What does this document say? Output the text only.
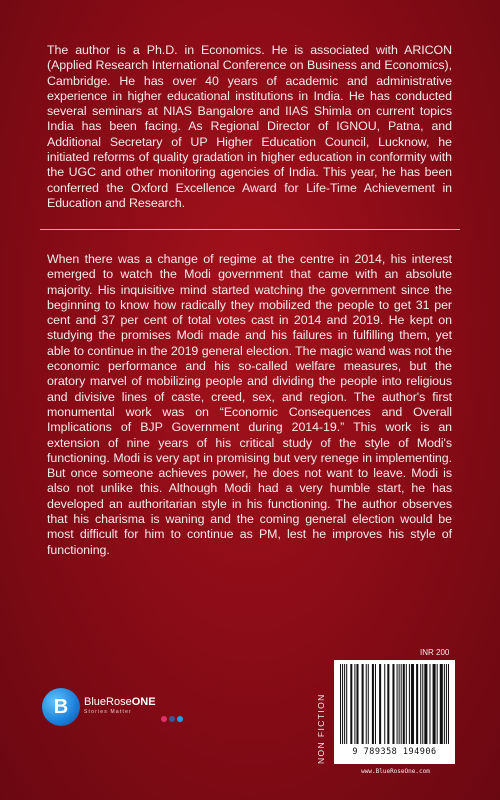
The author is a Ph.D. in Economics. He is associated with ARICON (Applied Research International Conference on Business and Economics), Cambridge. He has over 40 years of academic and administrative experience in higher educational institutions in India. He has conducted several seminars at NIAS Bangalore and IIAS Shimla on current topics India has been facing. As Regional Director of IGNOU, Patna, and Additional Secretary of UP Higher Education Council, Lucknow, he initiated reforms of quality gradation in higher education in conformity with the UGC and other monitoring agencies of India. This year, he has been conferred the Oxford Excellence Award for Life-Time Achievement in Education and Research.

When there was a change of regime at the centre in 2014, his interest emerged to watch the Modi government that came with an absolute majority. His inquisitive mind started watching the government since the beginning to know how radically they mobilized the people to get 31 per cent and 37 per cent of total votes cast in 2014 and 2019. He kept on studying the promises Modi made and his failures in fulfilling them, yet able to continue in the 2019 general election. The magic wand was not the economic performance and his so-called welfare measures, but the oratory marvel of mobilizing people and dividing the people into religious and divisive lines of caste, creed, sex, and region. The author's first monumental work was on “Economic Consequences and Overall Implications of BJP Government during 2014-19.” This work is an extension of nine years of his critical study of the style of Modi's functioning. Modi is very apt in promising but very renege in implementing. But once someone achieves power, he does not want to leave. Modi is also not unlike this. Although Modi had a very humble start, he has developed an authoritarian style in his functioning. The author observes that his charisma is waning and the coming general election would be most difficult for him to continue as PM, lest he improves his style of functioning.

B	BlueRoseONE
Stories Matter	NON FICTION
INR 200
9 789358 194906
www.BlueRoseOne.com
